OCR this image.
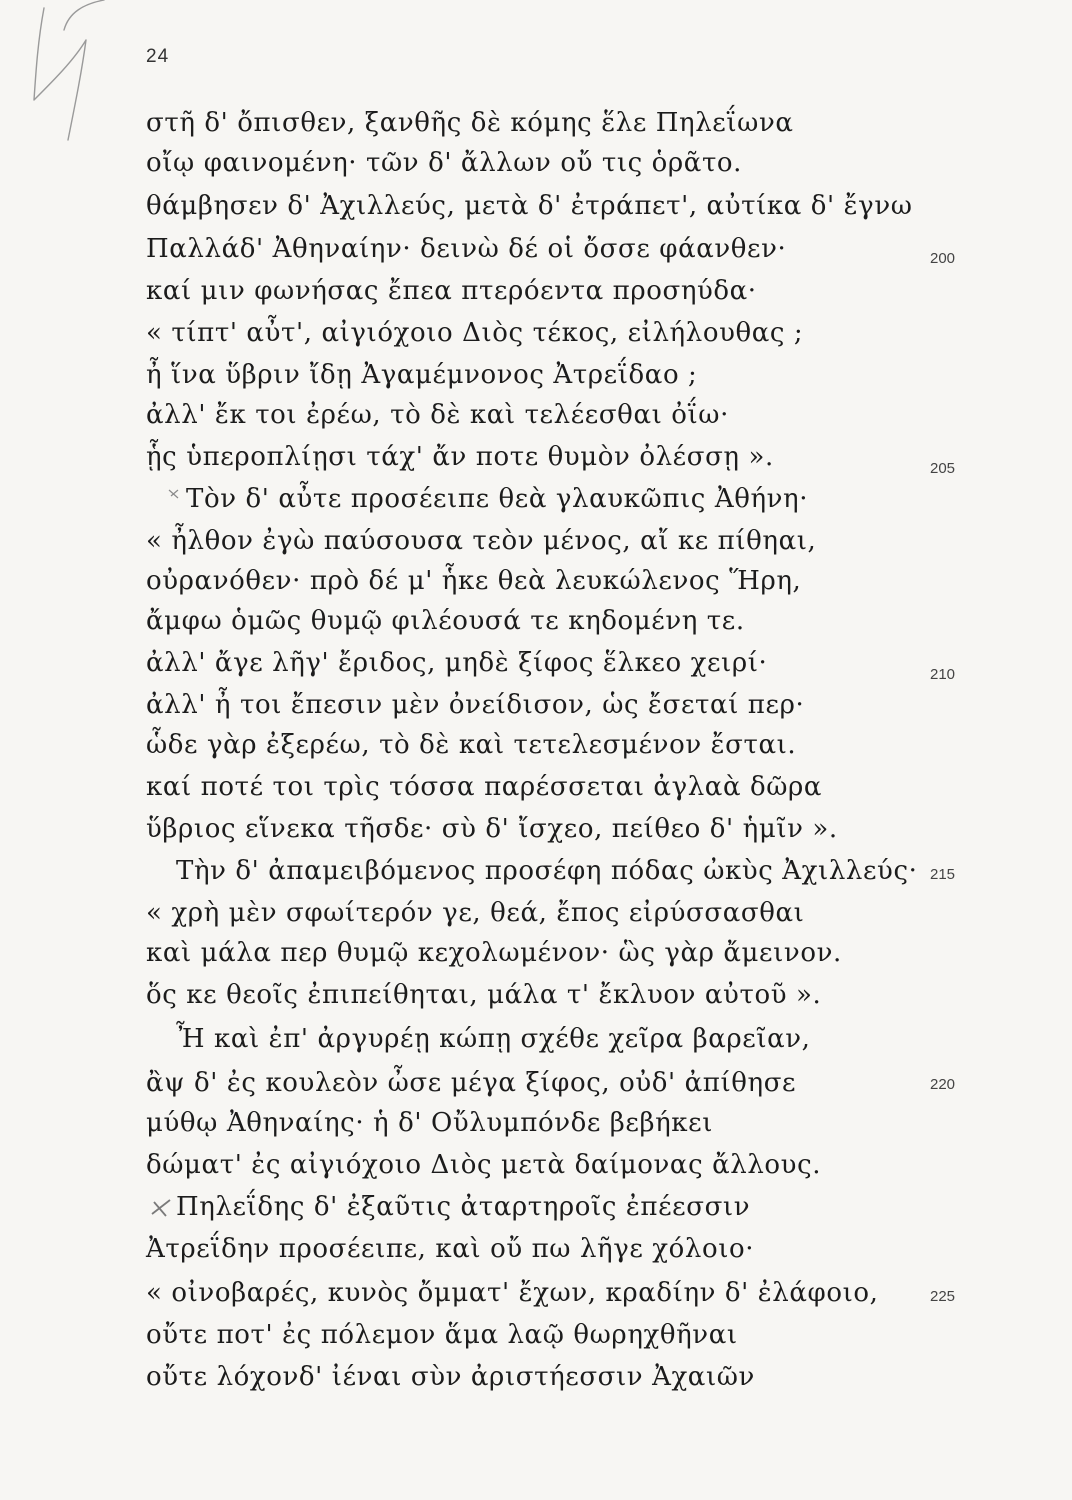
24
στῆ δ' ὄπισθεν, ξανθῆς δὲ κόμης ἕλε Πηλεΐωνα
οἴῳ φαινομένη· τῶν δ' ἄλλων οὔ τις ὁρᾶτο.
θάμβησεν δ' Ἀχιλλεύς, μετὰ δ' ἐτράπετ', αὐτίκα δ' ἔγνω
Παλλάδ' Ἀθηναίην· δεινὼ δέ οἱ ὄσσε φάανθεν·
καί μιν φωνήσας ἔπεα πτερόεντα προσηύδα·
« τίπτ' αὖτ', αἰγιόχοιο Διὸς τέκος, εἰλήλουθας ;
ἦ ἵνα ὕβριν ἴδῃ Ἀγαμέμνονος Ἀτρεΐδαο ;
ἀλλ' ἔκ τοι ἐρέω, τὸ δὲ καὶ τελέεσθαι ὀΐω·
ᾗς ὑπεροπλίῃσι τάχ' ἄν ποτε θυμὸν ὀλέσσῃ ».
Τὸν δ' αὖτε προσέειπε θεὰ γλαυκῶπις Ἀθήνη·
« ἦλθον ἐγὼ παύσουσα τεὸν μένος, αἴ κε πίθηαι,
οὐρανόθεν· πρὸ δέ μ' ἧκε θεὰ λευκώλενος Ἥρη,
ἄμφω ὁμῶς θυμῷ φιλέουσά τε κηδομένη τε.
ἀλλ' ἄγε λῆγ' ἔριδος, μηδὲ ξίφος ἕλκεο χειρί·
ἀλλ' ἦ τοι ἔπεσιν μὲν ὀνείδισον, ὡς ἔσεταί περ·
ὧδε γὰρ ἐξερέω, τὸ δὲ καὶ τετελεσμένον ἔσται.
καί ποτέ τοι τρὶς τόσσα παρέσσεται ἀγλαὰ δῶρα
ὕβριος εἵνεκα τῆσδε· σὺ δ' ἴσχεο, πείθεο δ' ἡμῖν ».
Τὴν δ' ἀπαμειβόμενος προσέφη πόδας ὠκὺς Ἀχιλλεύς·
« χρὴ μὲν σφωίτερόν γε, θεά, ἔπος εἰρύσσασθαι
καὶ μάλα περ θυμῷ κεχολωμένον· ὣς γὰρ ἄμεινον.
ὅς κε θεοῖς ἐπιπείθηται, μάλα τ' ἔκλυον αὐτοῦ ».
Ἦ καὶ ἐπ' ἀργυρέῃ κώπῃ σχέθε χεῖρα βαρεῖαν,
ἂψ δ' ἐς κουλεὸν ὦσε μέγα ξίφος, οὐδ' ἀπίθησε
μύθῳ Ἀθηναίης· ἡ δ' Οὔλυμπόνδε βεβήκει
δώματ' ἐς αἰγιόχοιο Διὸς μετὰ δαίμονας ἄλλους.
Πηλεΐδης δ' ἐξαῦτις ἀταρτηροῖς ἐπέεσσιν
Ἀτρεΐδην προσέειπε, καὶ οὔ πω λῆγε χόλοιο·
« οἰνοβαρές, κυνὸς ὄμματ' ἔχων, κραδίην δ' ἐλάφοιο,
οὔτε ποτ' ἐς πόλεμον ἅμα λαῷ θωρηχθῆναι
οὔτε λόχονδ' ἰέναι σὺν ἀριστήεσσιν Ἀχαιῶν
200
205
210
215
220
225
